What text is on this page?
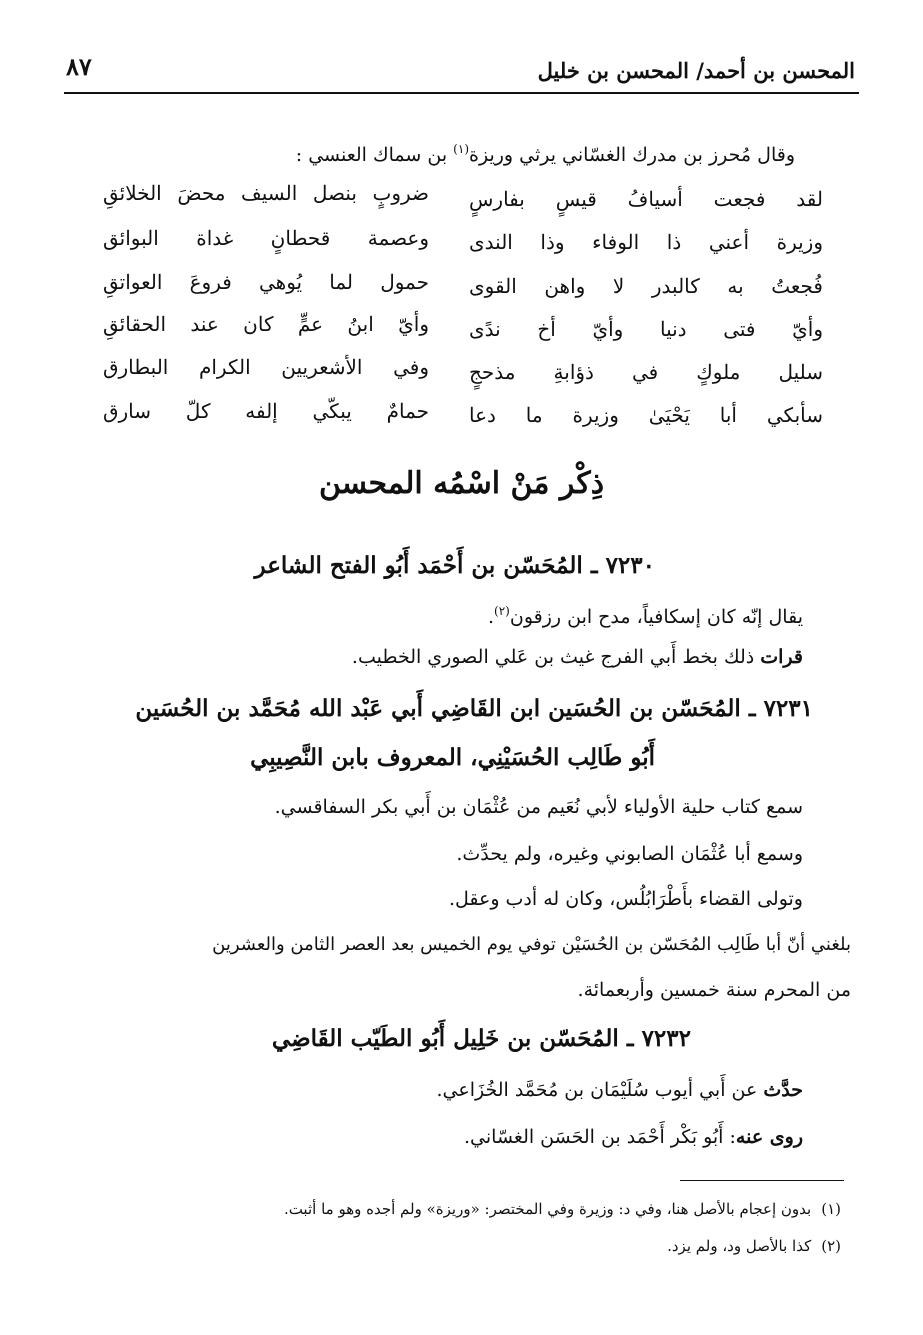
المحسن بن أحمد/ المحسن بن خليل
٨٧
وقال مُحرز بن مدرك الغسّاني يرثي وريزة$^{(١)}$ بن سماك العنسي :
لقد فجعت أسيافُ قيسٍ بفارسٍ
ضروبٍ بنصل السيف محضَ الخلائقِ
وزيرة أعني ذا الوفاء وذا الندى
وعصمة قحطانٍ غداة البوائق
فُجعتُ به كالبدر لا واهن القوى
حمول لما يُوهي فروعَ العواتقِ
وأيّ فتى دنيا وأيّ أخ ندًى
وأيّ ابنُ عمٍّ كان عند الحقائقِ
سليل ملوكٍ في ذؤابةِ مذحجٍ
وفي الأشعريين الكرام البطارق
سأبكي أبا يَحْيَىٰ وزيرة ما دعا
حمامٌ يبكّي إلفه كلّ سارق
ذِكْر مَنْ اسْمُه المحسن
٧٢٣٠ ـ المُحَسّن بن أَحْمَد أَبُو الفتح الشاعر
يقال إنّه كان إسكافياً، مدح ابن رزقون$^{(٢)}$.
قرات ذلك بخط أَبي الفرج غيث بن عَلي الصوري الخطيب.
٧٢٣١ ـ المُحَسّن بن الحُسَين ابن القَاضِي أَبي عَبْد الله مُحَمَّد بن الحُسَين
أَبُو طَالِب الحُسَيْنِي، المعروف بابن النَّصِيبِي
سمع كتاب حلية الأولياء لأبي نُعَيم من عُثْمَان بن أَبي بكر السفاقسي.
وسمع أبا عُثْمَان الصابوني وغيره، ولم يحدِّث.
وتولى القضاء بأَطْرَابُلُس، وكان له أدب وعقل.
بلغني أنّ أبا طَالِب المُحَسّن بن الحُسَيْن توفي يوم الخميس بعد العصر الثامن والعشرين
من المحرم سنة خمسين وأربعمائة.
٧٢٣٢ ـ المُحَسّن بن خَلِيل أَبُو الطَيّب القَاضِي
حدَّث عن أَبي أيوب سُلَيْمَان بن مُحَمَّد الخُزَاعي.
روى عنه: أَبُو بَكْر أَحْمَد بن الحَسَن الغسّاني.
(١)بدون إعجام بالأصل هنا، وفي د: وزيرة وفي المختصر: «وريزة» ولم أجده وهو ما أثبت.
(٢)كذا بالأصل ود، ولم يزد.
